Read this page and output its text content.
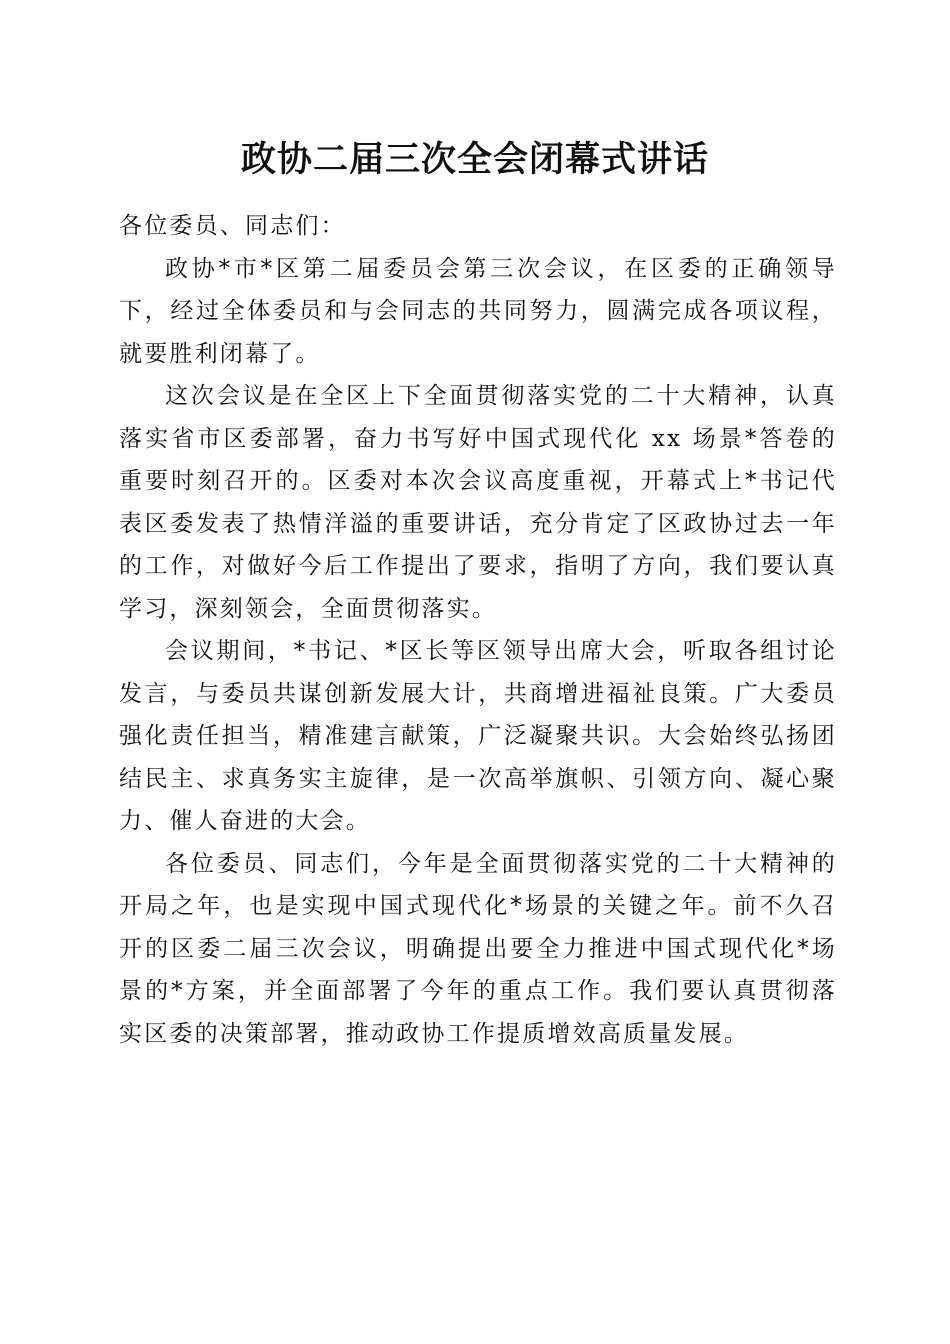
政协二届三次全会闭幕式讲话

各位委员、同志们：

政协*市*区第二届委员会第三次会议，在区委的正确领导下，经过全体委员和与会同志的共同努力，圆满完成各项议程，就要胜利闭幕了。

这次会议是在全区上下全面贯彻落实党的二十大精神，认真落实省市区委部署，奋力书写好中国式现代化 xx 场景*答卷的重要时刻召开的。区委对本次会议高度重视，开幕式上*书记代表区委发表了热情洋溢的重要讲话，充分肯定了区政协过去一年的工作，对做好今后工作提出了要求，指明了方向，我们要认真学习，深刻领会，全面贯彻落实。

会议期间，*书记、*区长等区领导出席大会，听取各组讨论发言，与委员共谋创新发展大计，共商增进福祉良策。广大委员强化责任担当，精准建言献策，广泛凝聚共识。大会始终弘扬团结民主、求真务实主旋律，是一次高举旗帜、引领方向、凝心聚力、催人奋进的大会。

各位委员、同志们，今年是全面贯彻落实党的二十大精神的开局之年，也是实现中国式现代化*场景的关键之年。前不久召开的区委二届三次会议，明确提出要全力推进中国式现代化*场景的*方案，并全面部署了今年的重点工作。我们要认真贯彻落实区委的决策部署，推动政协工作提质增效高质量发展。
